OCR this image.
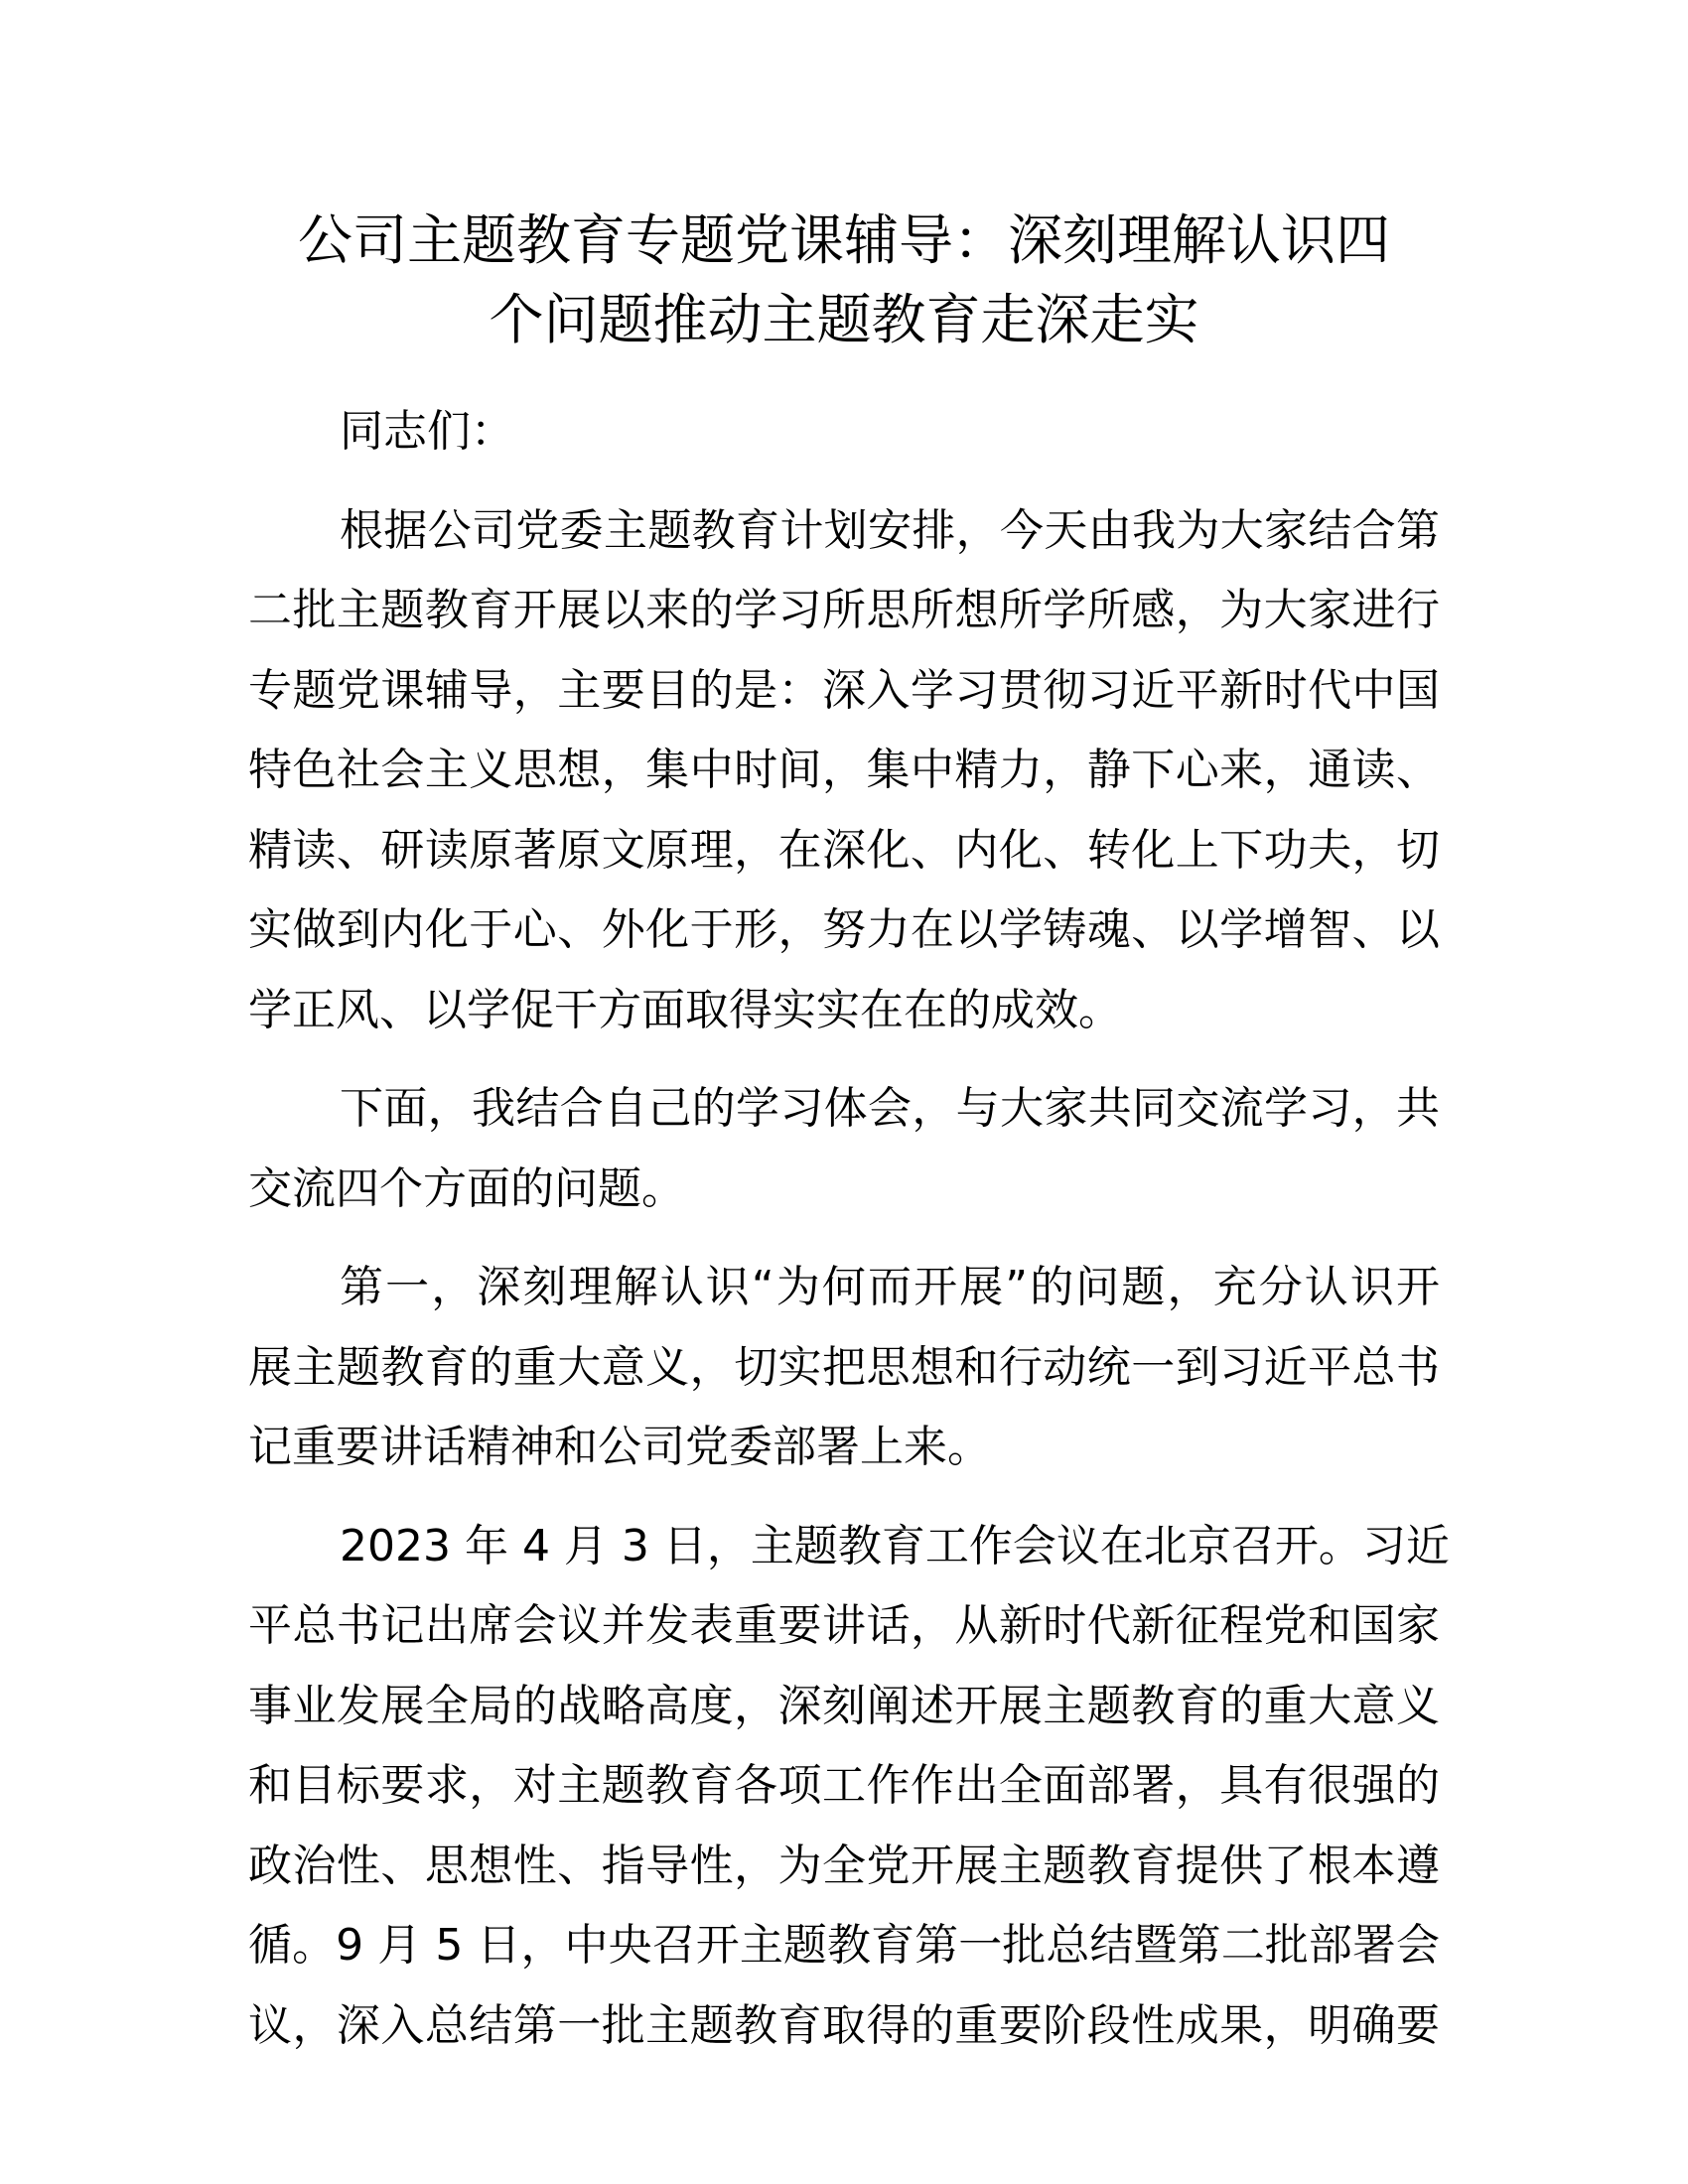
公司主题教育专题党课辅导：深刻理解认识四
个问题推动主题教育走深走实
同志们：
根据公司党委主题教育计划安排，今天由我为大家结合第
二批主题教育开展以来的学习所思所想所学所感，为大家进行
专题党课辅导，主要目的是：深入学习贯彻习近平新时代中国
特色社会主义思想，集中时间，集中精力，静下心来，通读、
精读、研读原著原文原理，在深化、内化、转化上下功夫，切
实做到内化于心、外化于形，努力在以学铸魂、以学增智、以
学正风、以学促干方面取得实实在在的成效。
下面，我结合自己的学习体会，与大家共同交流学习，共
交流四个方面的问题。
第一，深刻理解认识“为何而开展”的问题，充分认识开
展主题教育的重大意义，切实把思想和行动统一到习近平总书
记重要讲话精神和公司党委部署上来。
2023 年 4 月 3 日，主题教育工作会议在北京召开。习近
平总书记出席会议并发表重要讲话，从新时代新征程党和国家
事业发展全局的战略高度，深刻阐述开展主题教育的重大意义
和目标要求，对主题教育各项工作作出全面部署，具有很强的
政治性、思想性、指导性，为全党开展主题教育提供了根本遵
循。9 月 5 日，中央召开主题教育第一批总结暨第二批部署会
议，深入总结第一批主题教育取得的重要阶段性成果，明确要
